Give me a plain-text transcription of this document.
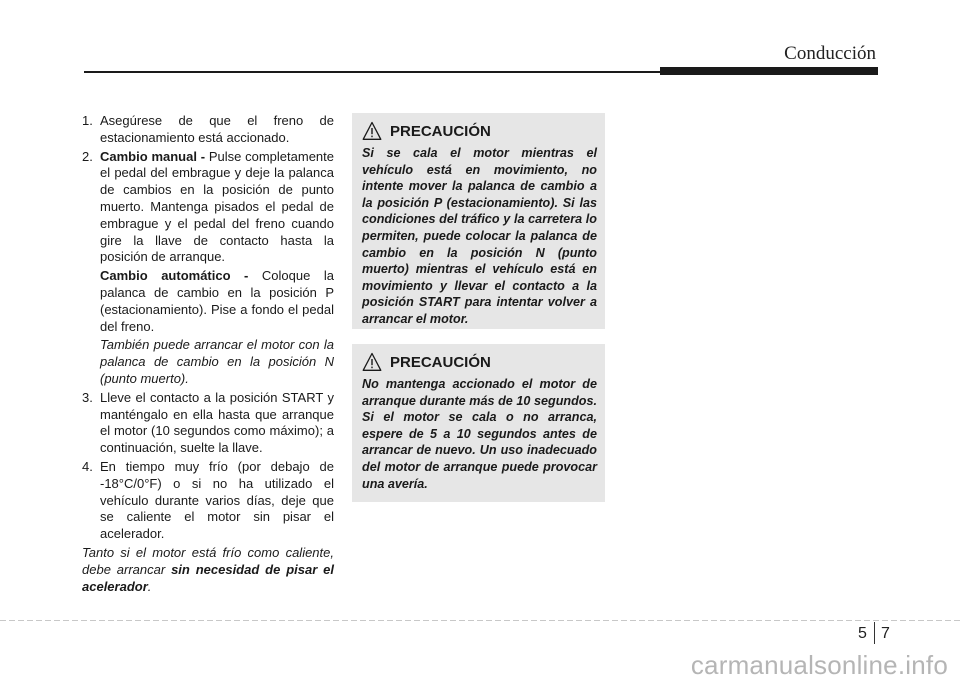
Conducción

1. Asegúrese de que el freno de estacionamiento está accionado.

2. Cambio manual - Pulse completamente el pedal del embrague y deje la palanca de cambios en la posición de punto muerto. Mantenga pisados el pedal de embrague y el pedal del freno cuando gire la llave de contacto hasta la posición de arranque.

Cambio automático - Coloque la palanca de cambio en la posición P (estacionamiento). Pise a fondo el pedal del freno.

También puede arrancar el motor con la palanca de cambio en la posición N (punto muerto).

3. Lleve el contacto a la posición START y manténgalo en ella hasta que arranque el motor (10 segundos como máximo); a continuación, suelte la llave.

4. En tiempo muy frío (por debajo de -18°C/0°F) o si no ha utilizado el vehículo durante varios días, deje que se caliente el motor sin pisar el acelerador.

Tanto si el motor está frío como caliente, debe arrancar sin necesidad de pisar el acelerador.

PRECAUCIÓN
Si se cala el motor mientras el vehículo está en movimiento, no intente mover la palanca de cambio a la posición P (estacionamiento). Si las condiciones del tráfico y la carretera lo permiten, puede colocar la palanca de cambio en la posición N (punto muerto) mientras el vehículo está en movimiento y llevar el contacto a la posición START para intentar volver a arrancar el motor.
PRECAUCIÓN
No mantenga accionado el motor de arranque durante más de 10 segundos. Si el motor se cala o no arranca, espere de 5 a 10 segundos antes de arrancar de nuevo. Un uso inadecuado del motor de arranque puede provocar una avería.
5 7
carmanualsonline.info
